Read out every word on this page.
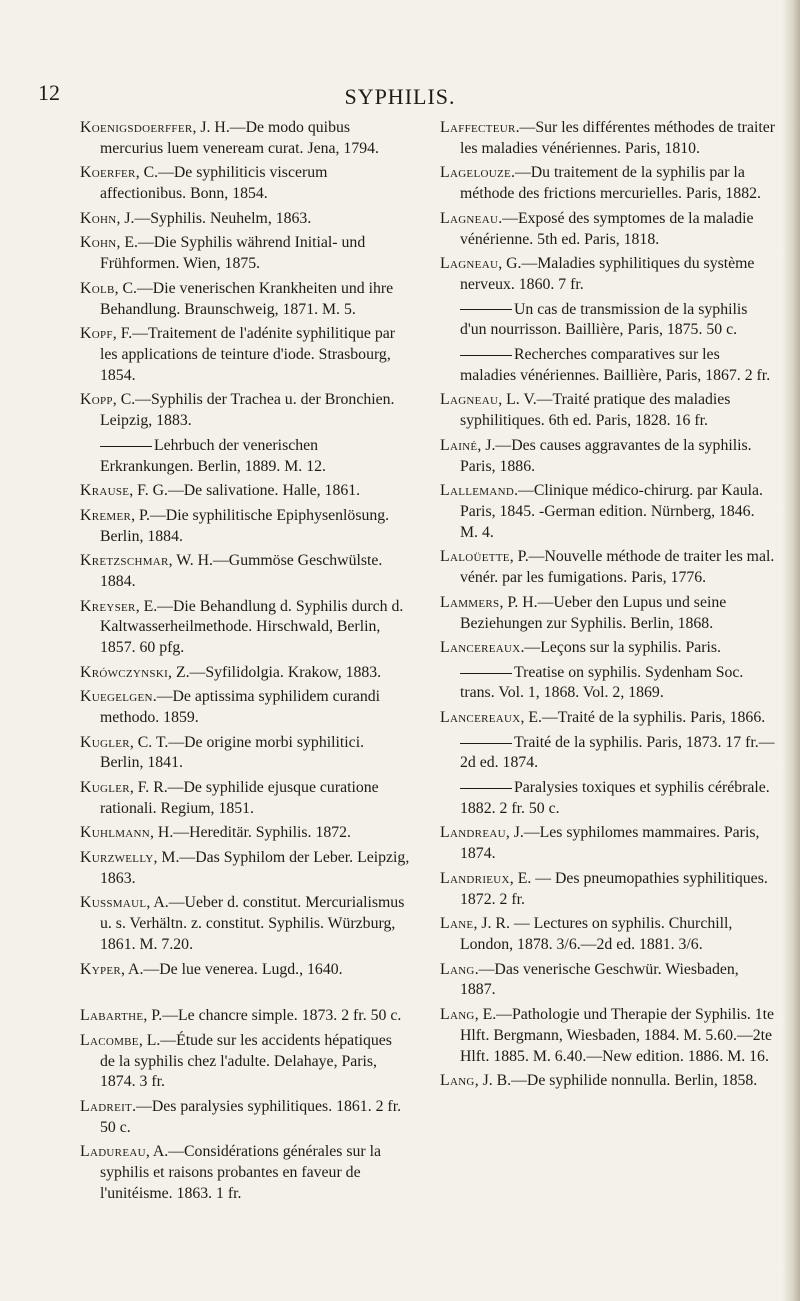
12	SYPHILIS.

Koenigsdoerffer, J. H.—De modo quibus mercurius luem veneream curat. Jena, 1794.

Koerfer, C.—De syphiliticis viscerum affectionibus. Bonn, 1854.

Kohn, J.—Syphilis. Neuhelm, 1863.

Kohn, E.—Die Syphilis während Initial- und Frühformen. Wien, 1875.

Kolb, C.—Die venerischen Krankheiten und ihre Behandlung. Braunschweig, 1871. M. 5.

Kopf, F.—Traitement de l'adénite syphilitique par les applications de teinture d'iode. Strasbourg, 1854.

Kopp, C.—Syphilis der Trachea u. der Bronchien. Leipzig, 1883.

Lehrbuch der venerischen Erkrankungen. Berlin, 1889. M. 12.

Krause, F. G.—De salivatione. Halle, 1861.

Kremer, P.—Die syphilitische Epiphysenlösung. Berlin, 1884.

Kretzschmar, W. H.—Gummöse Geschwülste. 1884.

Kreyser, E.—Die Behandlung d. Syphilis durch d. Kaltwasserheilmethode. Hirschwald, Berlin, 1857. 60 pfg.

Krówczynski, Z.—Syfilidolgia. Krakow, 1883.

Kuegelgen.—De aptissima syphilidem curandi methodo. 1859.

Kugler, C. T.—De origine morbi syphilitici. Berlin, 1841.

Kugler, F. R.—De syphilide ejusque curatione rationali. Regium, 1851.

Kuhlmann, H.—Hereditär. Syphilis. 1872.

Kurzwelly, M.—Das Syphilom der Leber. Leipzig, 1863.

Kussmaul, A.—Ueber d. constitut. Mercurialismus u. s. Verhältn. z. constitut. Syphilis. Würzburg, 1861. M. 7.20.

Kyper, A.—De lue venerea. Lugd., 1640.

Labarthe, P.—Le chancre simple. 1873. 2 fr. 50 c.

Lacombe, L.—Étude sur les accidents hépatiques de la syphilis chez l'adulte. Delahaye, Paris, 1874. 3 fr.

Ladreit.—Des paralysies syphilitiques. 1861. 2 fr. 50 c.

Ladureau, A.—Considérations générales sur la syphilis et raisons probantes en faveur de l'unitéisme. 1863. 1 fr.

Laffecteur.—Sur les différentes méthodes de traiter les maladies vénériennes. Paris, 1810.

Lagelouze.—Du traitement de la syphilis par la méthode des frictions mercurielles. Paris, 1882.

Lagneau.—Exposé des symptomes de la maladie vénérienne. 5th ed. Paris, 1818.

Lagneau, G.—Maladies syphilitiques du système nerveux. 1860. 7 fr.

Un cas de transmission de la syphilis d'un nourrisson. Baillière, Paris, 1875. 50 c.

Recherches comparatives sur les maladies vénériennes. Baillière, Paris, 1867. 2 fr.

Lagneau, L. V.—Traité pratique des maladies syphilitiques. 6th ed. Paris, 1828. 16 fr.

Lainé, J.—Des causes aggravantes de la syphilis. Paris, 1886.

Lallemand.—Clinique médico-chirurg. par Kaula. Paris, 1845. -German edition. Nürnberg, 1846. M. 4.

Laloüette, P.—Nouvelle méthode de traiter les mal. vénér. par les fumigations. Paris, 1776.

Lammers, P. H.—Ueber den Lupus und seine Beziehungen zur Syphilis. Berlin, 1868.

Lancereaux.—Leçons sur la syphilis. Paris.

Treatise on syphilis. Sydenham Soc. trans. Vol. 1, 1868. Vol. 2, 1869.

Lancereaux, E.—Traité de la syphilis. Paris, 1866.

Traité de la syphilis. Paris, 1873. 17 fr.—2d ed. 1874.

Paralysies toxiques et syphilis cérébrale. 1882. 2 fr. 50 c.

Landreau, J.—Les syphilomes mammaires. Paris, 1874.

Landrieux, E. — Des pneumopathies syphilitiques. 1872. 2 fr.

Lane, J. R. — Lectures on syphilis. Churchill, London, 1878. 3/6.—2d ed. 1881. 3/6.

Lang.—Das venerische Geschwür. Wiesbaden, 1887.

Lang, E.—Pathologie und Therapie der Syphilis. 1te Hlft. Bergmann, Wiesbaden, 1884. M. 5.60.—2te Hlft. 1885. M. 6.40.—New edition. 1886. M. 16.

Lang, J. B.—De syphilide nonnulla. Berlin, 1858.
